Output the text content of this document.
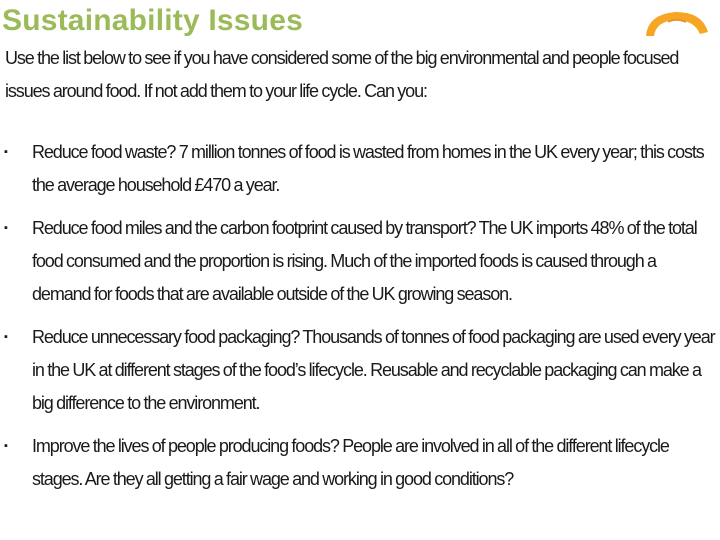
Sustainability Issues

Use the list below to see if you have considered some of the big environmental and people focused issues around food. If not add them to your life cycle. Can you:

▪ Reduce food waste? 7 million tonnes of food is wasted from homes in the UK every year; this costs the average household £470 a year.
▪ Reduce food miles and the carbon footprint caused by transport? The UK imports 48% of the total food consumed and the proportion is rising. Much of the imported foods is caused through a demand for foods that are available outside of the UK growing season.
▪ Reduce unnecessary food packaging? Thousands of tonnes of food packaging are used every year in the UK at different stages of the food’s lifecycle. Reusable and recyclable packaging can make a big difference to the environment.
▪ Improve the lives of people producing foods? People are involved in all of the different lifecycle stages. Are they all getting a fair wage and working in good conditions?
